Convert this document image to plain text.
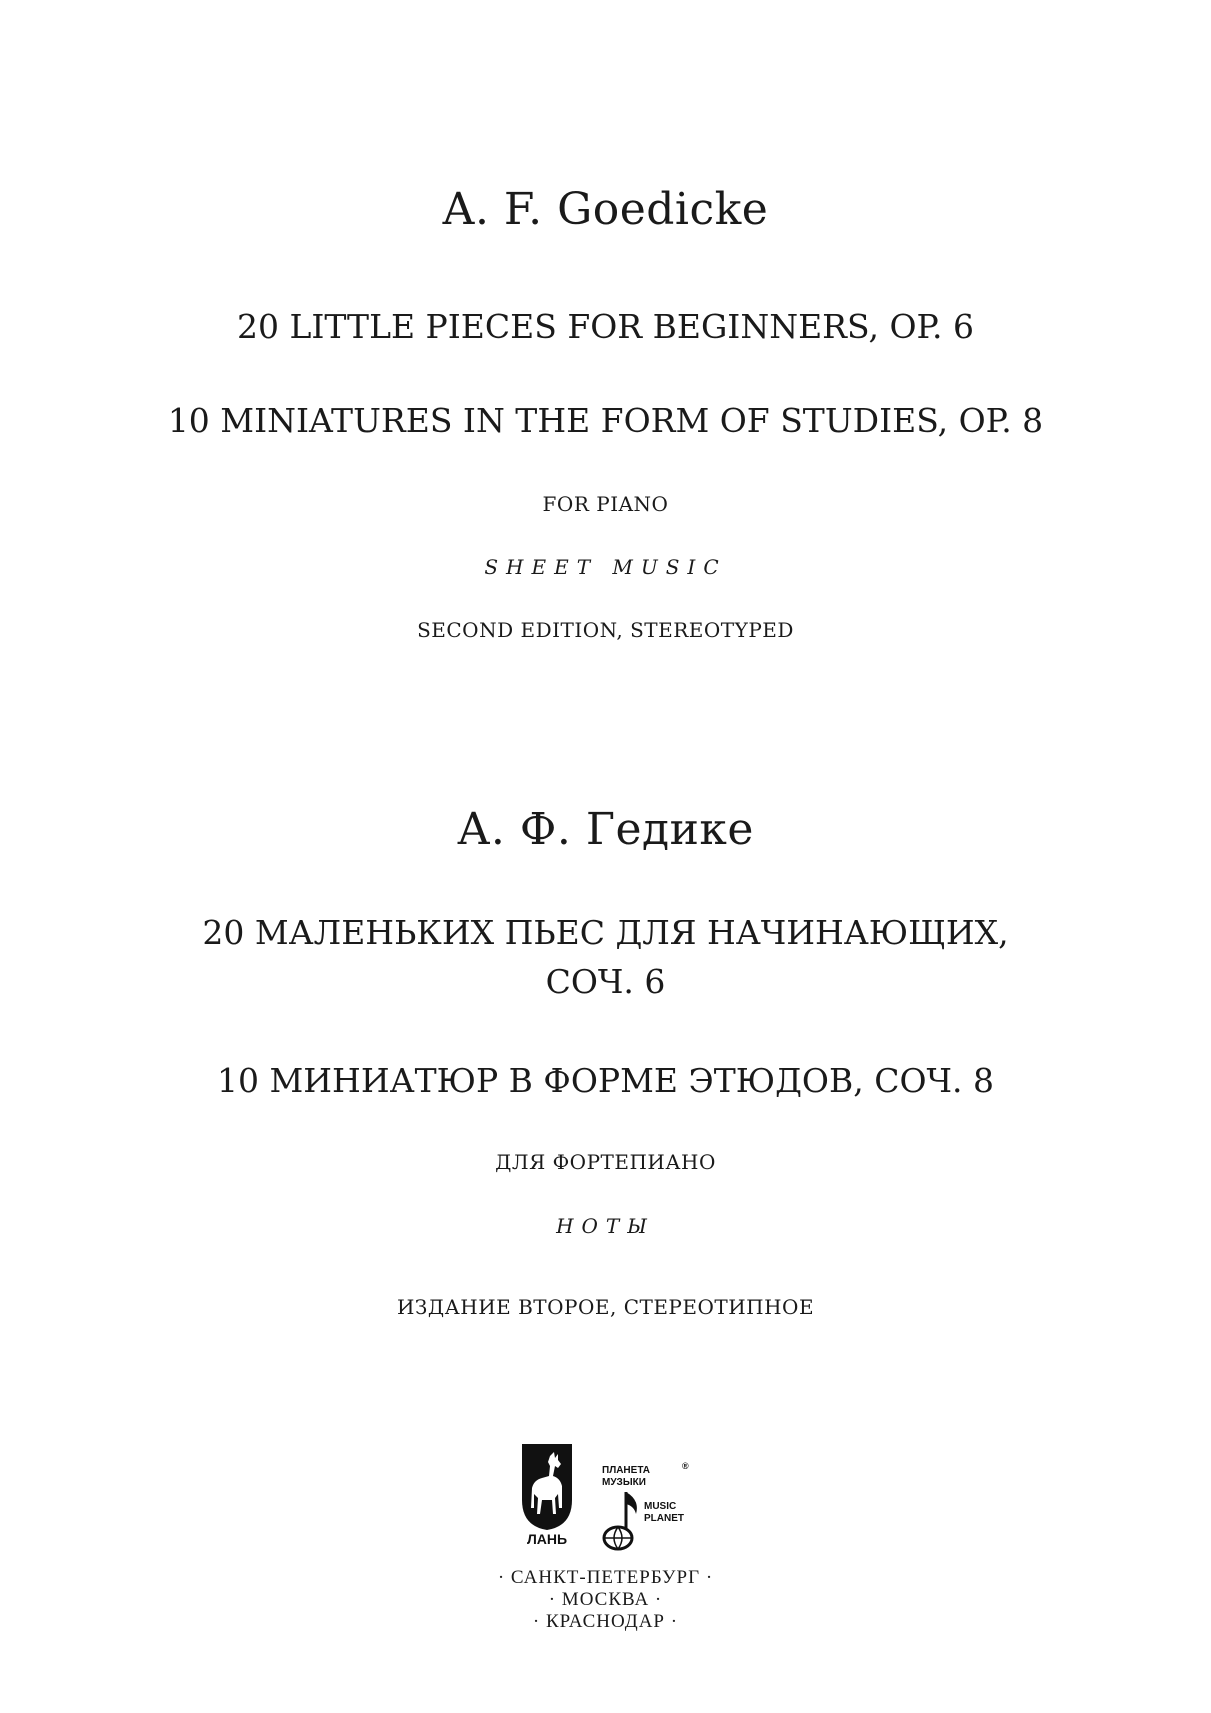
A. F. Goedicke
20 LITTLE PIECES FOR BEGINNERS, OP. 6
10 MINIATURES IN THE FORM OF STUDIES, OP. 8
FOR PIANO
SHEET MUSIC
SECOND EDITION, STEREOTYPED
А. Ф. Гедике
20 МАЛЕНЬКИХ ПЬЕС ДЛЯ НАЧИНАЮЩИХ,
СОЧ. 6
10 МИНИАТЮР В ФОРМЕ ЭТЮДОВ, СОЧ. 8
ДЛЯ ФОРТЕПИАНО
НОТЫ
ИЗДАНИЕ ВТОРОЕ, СТЕРЕОТИПНОЕ
ЛАНЬ
ПЛАНЕТА	®
МУЗЫКИ
MUSIC
PLANET
· САНКТ-ПЕТЕРБУРГ ·
· МОСКВА ·
· КРАСНОДАР ·
